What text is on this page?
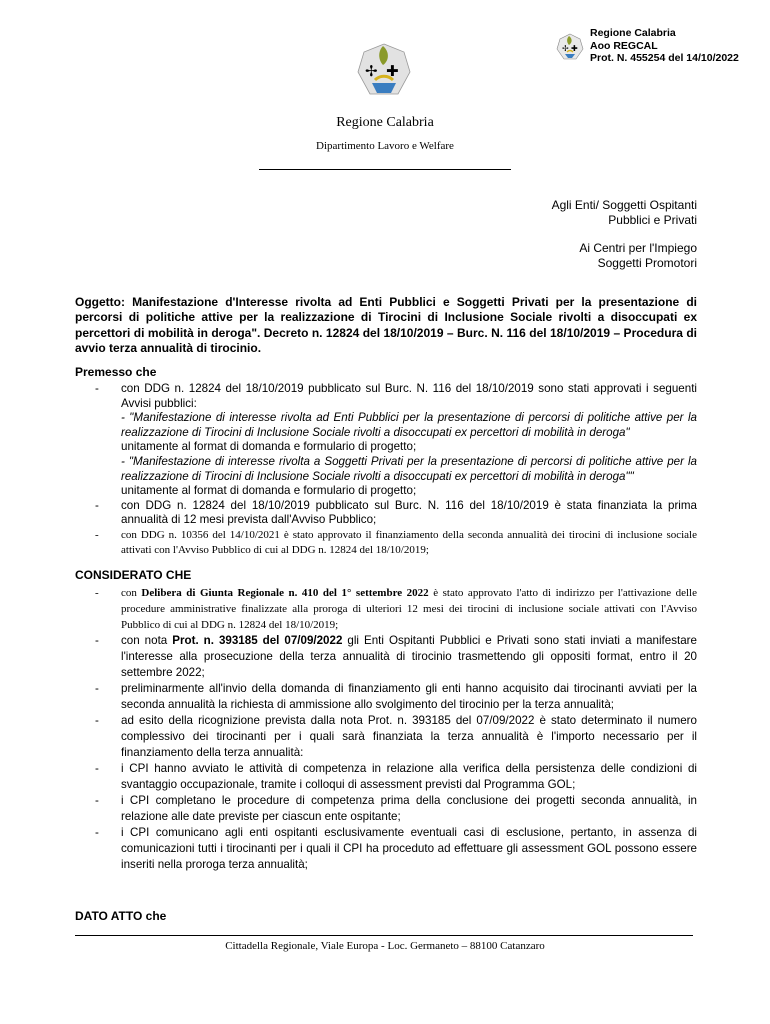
✢ ✚
Regione Calabria
Aoo REGCAL
Prot. N. 455254 del 14/10/2022
✢ ✚
Regione Calabria
Dipartimento Lavoro e Welfare

Agli Enti/ Soggetti Ospitanti
Pubblici e Privati

Ai Centri per l'Impiego
Soggetti Promotori

Oggetto: Manifestazione d'Interesse rivolta ad Enti Pubblici e Soggetti Privati per la presentazione di percorsi di politiche attive per la realizzazione di Tirocini di Inclusione Sociale rivolti a disoccupati ex percettori di mobilità in deroga". Decreto n. 12824 del 18/10/2019 – Burc. N. 116 del 18/10/2019 – Procedura di avvio terza annualità di tirocinio.
Premesso che
- con DDG n. 12824 del 18/10/2019 pubblicato sul Burc. N. 116 del 18/10/2019 sono stati approvati i seguenti Avvisi pubblici:
- "Manifestazione di interesse rivolta ad Enti Pubblici per la presentazione di percorsi di politiche attive per la realizzazione di Tirocini di Inclusione Sociale rivolti a disoccupati ex percettori di mobilità in deroga"
unitamente al format di domanda e formulario di progetto;
- "Manifestazione di interesse rivolta a Soggetti Privati per la presentazione di percorsi di politiche attive per la realizzazione di Tirocini di Inclusione Sociale rivolti a disoccupati ex percettori di mobilità in deroga""
unitamente al format di domanda e formulario di progetto;
- con DDG n. 12824 del 18/10/2019 pubblicato sul Burc. N. 116 del 18/10/2019 è stata finanziata la prima annualità di 12 mesi prevista dall'Avviso Pubblico;
- con DDG n. 10356 del 14/10/2021 è stato approvato il finanziamento della seconda annualità dei tirocini di inclusione sociale attivati con l'Avviso Pubblico di cui al DDG n. 12824 del 18/10/2019;
CONSIDERATO CHE
- con Delibera di Giunta Regionale n. 410 del 1° settembre 2022 è stato approvato l'atto di indirizzo per l'attivazione delle procedure amministrative finalizzate alla proroga di ulteriori 12 mesi dei tirocini di inclusione sociale attivati con l'Avviso Pubblico di cui al DDG n. 12824 del 18/10/2019;
- con nota Prot. n. 393185 del 07/09/2022 gli Enti Ospitanti Pubblici e Privati sono stati inviati a manifestare l'interesse alla prosecuzione della terza annualità di tirocinio trasmettendo gli oppositi format, entro il 20 settembre 2022;
- preliminarmente all'invio della domanda di finanziamento gli enti hanno acquisito dai tirocinanti avviati per la seconda annualità la richiesta di ammissione allo svolgimento del tirocinio per la terza annualità;
- ad esito della ricognizione prevista dalla nota Prot. n. 393185 del 07/09/2022 è stato determinato il numero complessivo dei tirocinanti per i quali sarà finanziata la terza annualità è l'importo necessario per il finanziamento della terza annualità:
- i CPI hanno avviato le attività di competenza in relazione alla verifica della persistenza delle condizioni di svantaggio occupazionale, tramite i colloqui di assessment previsti dal Programma GOL;
- i CPI completano le procedure di competenza prima della conclusione dei progetti seconda annualità, in relazione alle date previste per ciascun ente ospitante;
- i CPI comunicano agli enti ospitanti esclusivamente eventuali casi di esclusione, pertanto, in assenza di comunicazioni tutti i tirocinanti per i quali il CPI ha proceduto ad effettuare gli assessment GOL possono essere inseriti nella proroga terza annualità;
DATO ATTO che
Cittadella Regionale, Viale Europa - Loc. Germaneto – 88100 Catanzaro
